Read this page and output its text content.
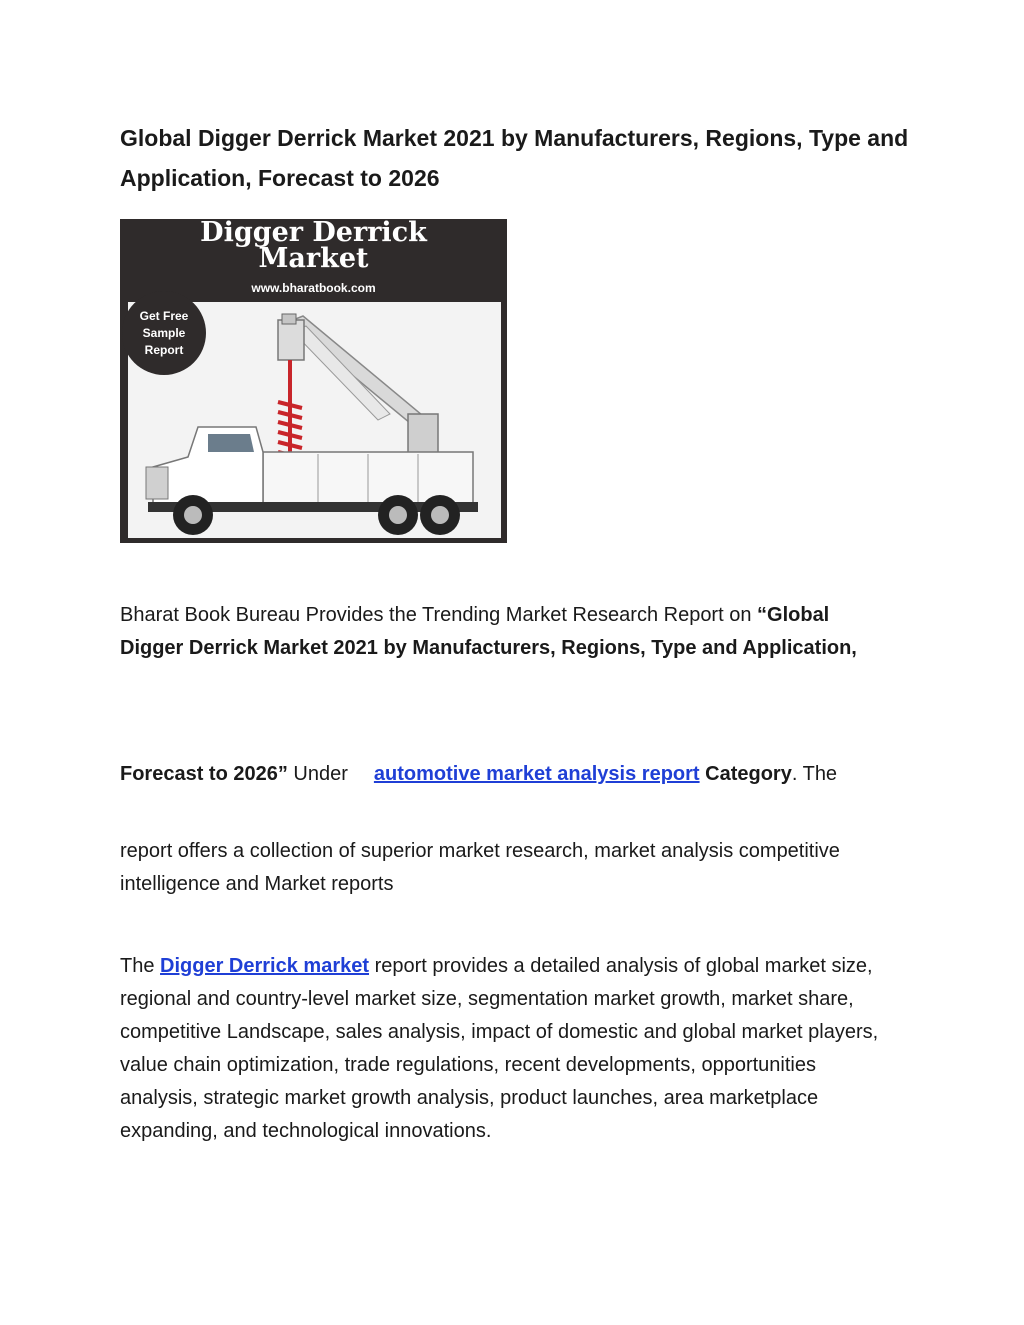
Global Digger Derrick Market 2021 by Manufacturers, Regions, Type and Application, Forecast to 2026
Digger Derrick
Market
www.bharatbook.com
Get Free
Sample
Report

Bharat Book Bureau Provides the Trending Market Research Report on “Global Digger Derrick Market 2021 by Manufacturers, Regions, Type and Application,

Forecast to 2026” Under automotive market analysis report Category. The

report offers a collection of superior market research, market analysis competitive intelligence and Market reports

The Digger Derrick market report provides a detailed analysis of global market size, regional and country-level market size, segmentation market growth, market share, competitive Landscape, sales analysis, impact of domestic and global market players, value chain optimization, trade regulations, recent developments, opportunities analysis, strategic market growth analysis, product launches, area marketplace expanding, and technological innovations.
